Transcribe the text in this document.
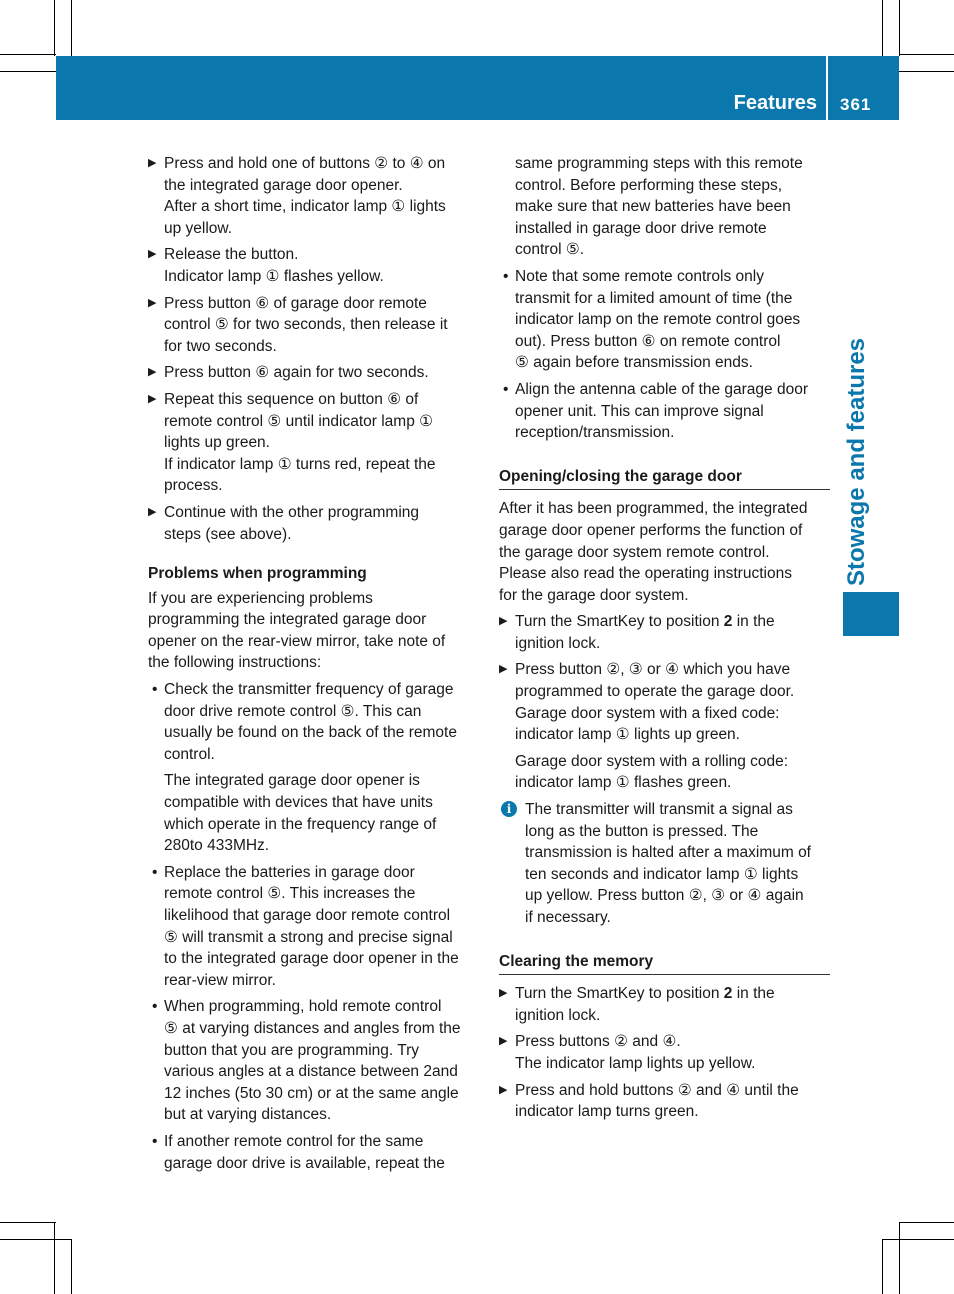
Features 361
Stowage and features
▶ Press and hold one of buttons ② to ④ on
the integrated garage door opener.
After a short time, indicator lamp ① lights
up yellow.
▶ Release the button.
Indicator lamp ① flashes yellow.
▶ Press button ⑥ of garage door remote
control ⑤ for two seconds, then release it
for two seconds.
▶ Press button ⑥ again for two seconds.
▶ Repeat this sequence on button ⑥ of
remote control ⑤ until indicator lamp ①
lights up green.
If indicator lamp ① turns red, repeat the
process.
▶ Continue with the other programming
steps (see above).
Problems when programming
If you are experiencing problems
programming the integrated garage door
opener on the rear-view mirror, take note of
the following instructions:
• Check the transmitter frequency of garage
door drive remote control ⑤. This can
usually be found on the back of the remote
control.
The integrated garage door opener is
compatible with devices that have units
which operate in the frequency range of
280to 433MHz.
• Replace the batteries in garage door
remote control ⑤. This increases the
likelihood that garage door remote control
⑤ will transmit a strong and precise signal
to the integrated garage door opener in the
rear-view mirror.
• When programming, hold remote control
⑤ at varying distances and angles from the
button that you are programming. Try
various angles at a distance between 2and
12 inches (5to 30 cm) or at the same angle
but at varying distances.
• If another remote control for the same
garage door drive is available, repeat the
same programming steps with this remote
control. Before performing these steps,
make sure that new batteries have been
installed in garage door drive remote
control ⑤.
• Note that some remote controls only
transmit for a limited amount of time (the
indicator lamp on the remote control goes
out). Press button ⑥ on remote control
⑤ again before transmission ends.
• Align the antenna cable of the garage door
opener unit. This can improve signal
reception/transmission.
Opening/closing the garage door
After it has been programmed, the integrated
garage door opener performs the function of
the garage door system remote control.
Please also read the operating instructions
for the garage door system.
▶ Turn the SmartKey to position 2 in the
ignition lock.
▶ Press button ②, ③ or ④ which you have
programmed to operate the garage door.
Garage door system with a fixed code:
indicator lamp ① lights up green.
Garage door system with a rolling code:
indicator lamp ① flashes green.
i The transmitter will transmit a signal as
long as the button is pressed. The
transmission is halted after a maximum of
ten seconds and indicator lamp ① lights
up yellow. Press button ②, ③ or ④ again
if necessary.
Clearing the memory
▶ Turn the SmartKey to position 2 in the
ignition lock.
▶ Press buttons ② and ④.
The indicator lamp lights up yellow.
▶ Press and hold buttons ② and ④ until the
indicator lamp turns green.
